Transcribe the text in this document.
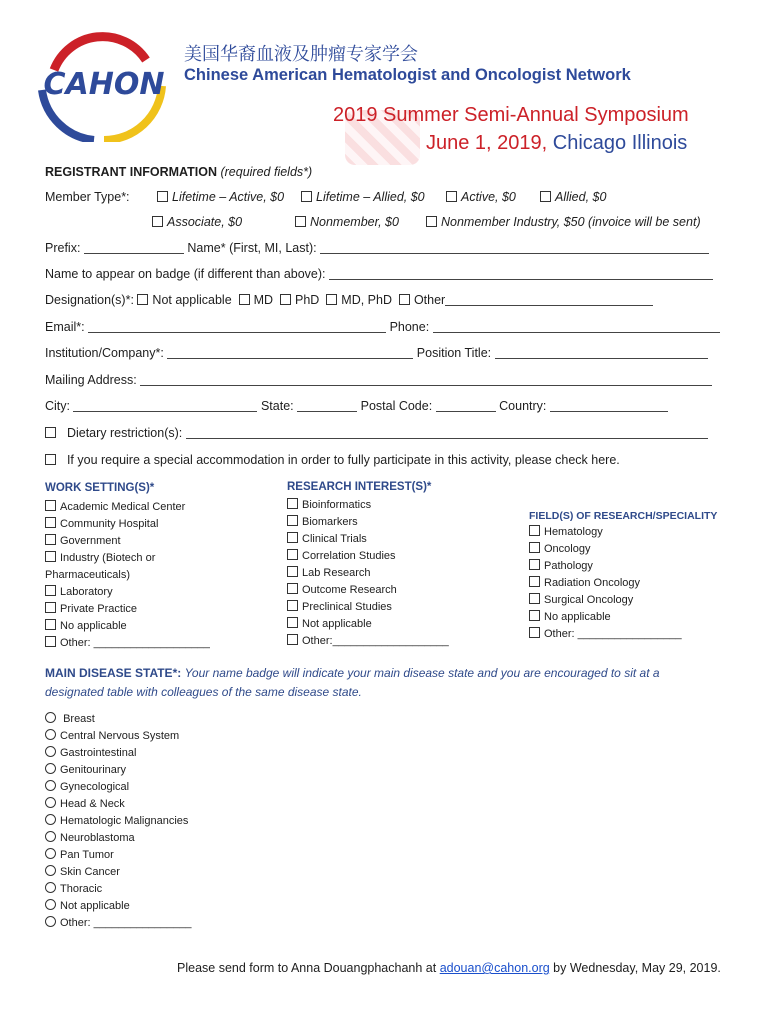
CAHON
美国华裔血液及肿瘤专家学会
Chinese American Hematologist and Oncologist Network
2019 Summer Semi-Annual Symposium
June 1, 2019, Chicago Illinois
REGISTRANT INFORMATION (required fields*)
Member Type*:	Lifetime – Active, $0	Lifetime – Allied, $0	Active, $0	Allied, $0
Associate, $0	Nonmember, $0	Nonmember Industry, $50 (invoice will be sent)
Prefix:	Name* (First, MI, Last):
Name to appear on badge (if different than above):
Designation(s)*: Not applicable MD PhD MD, PhD Other
Email*:	Phone:
Institution/Company*:	Position Title:
Mailing Address:
City:	State:	Postal Code:	Country:
Dietary restriction(s):
If you require a special accommodation in order to fully participate in this activity, please check here.
WORK SETTING(S)*
Academic Medical Center
Community Hospital
Government
Industry (Biotech or
Pharmaceuticals)
Laboratory
Private Practice
No applicable
Other: ___________________
RESEARCH INTEREST(S)*
Bioinformatics
Biomarkers
Clinical Trials
Correlation Studies
Lab Research
Outcome Research
Preclinical Studies
Not applicable
Other:___________________
FIELD(S) OF RESEARCH/SPECIALITY
Hematology
Oncology
Pathology
Radiation Oncology
Surgical Oncology
No applicable
Other: _________________
MAIN DISEASE STATE*: Your name badge will indicate your main disease state and you are encouraged to sit at a
designated table with colleagues of the same disease state.
Breast
Central Nervous System
Gastrointestinal
Genitourinary
Gynecological
Head & Neck
Hematologic Malignancies
Neuroblastoma
Pan Tumor
Skin Cancer
Thoracic
Not applicable
Other: ________________
Please send form to Anna Douangphachanh at adouan@cahon.org by Wednesday, May 29, 2019.
